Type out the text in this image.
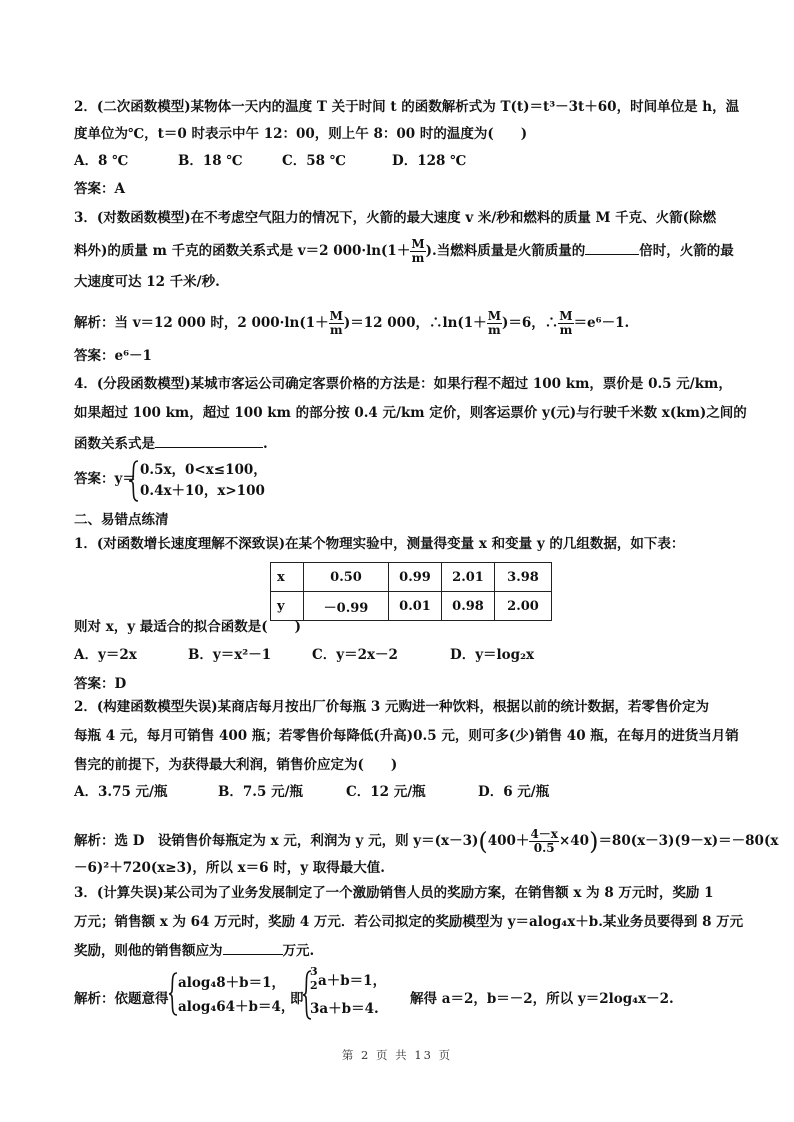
2．(二次函数模型)某物体一天内的温度 T 关于时间 t 的函数解析式为 T(t)＝t³－3t＋60，时间单位是 h，温
度单位为℃，t＝0 时表示中午 12：00，则上午 8：00 时的温度为(　　)
A．8 ℃	B．18 ℃	C．58 ℃	D．128 ℃
答案：A
3．(对数函数模型)在不考虑空气阻力的情况下，火箭的最大速度 v 米/秒和燃料的质量 M 千克、火箭(除燃
料外)的质量 m 千克的函数关系式是 v＝2 $000\cdot\ln(1+ \frac{M}{m}$ ).当燃料质量是火箭质量的	倍时，火箭的最
大速度可达 12 千米/秒.
解析：当 v＝12 000 时，2 $000\cdot\ln(1+ \frac{M}{m} )=12$ 000，∴ln(1＋ $\frac{M}{m} )=6$，∴ $\frac{M}{m} =e^6-1$.
答案：e⁶－1
4．(分段函数模型)某城市客运公司确定客票价格的方法是：如果行程不超过 100 km，票价是 0.5 元/km，
如果超过 100 km，超过 100 km 的部分按 0.4 元/km 定价，则客运票价 y(元)与行驶千米数 x(km)之间的
函数关系式是	.
答案：y＝
0.5x，0<x≤100，
0.4x＋10，x>100
二、易错点练清
1．(对函数增长速度理解不深致误)在某个物理实验中，测量得变量 x 和变量 y 的几组数据，如下表：
x	0.50	0.99	2.01	3.98
y	－0.99	0.01	0.98	2.00
则对 x，y 最适合的拟合函数是(　　)
A．y＝2x	B．y＝x²－1	C．y＝2x－2	D．y＝log₂x
答案：D
2．(构建函数模型失误)某商店每月按出厂价每瓶 3 元购进一种饮料，根据以前的统计数据，若零售价定为
每瓶 4 元，每月可销售 400 瓶；若零售价每降低(升高)0.5 元，则可多(少)销售 40 瓶，在每月的进货当月销
售完的前提下，为获得最大利润，销售价应定为(　　)
A．3.75 元/瓶	B．7.5 元/瓶	C．12 元/瓶	D．6 元/瓶
解析：选 D　设销售价每瓶定为 x 元，利润为 y 元，则 $y=(x-3)(400+ \frac{4-x}{0.5} \times 40)=80(x-3)(9-x)=-80(x$
－6)²＋720(x≥3)，所以 x＝6 时，y 取得最大值.
3．(计算失误)某公司为了业务发展制定了一个激励销售人员的奖励方案，在销售额 x 为 8 万元时，奖励 1
万元；销售额 x 为 64 万元时，奖励 4 万元．若公司拟定的奖励模型为 y＝alog₄x＋b.某业务员要得到 8 万元
奖励，则他的销售额应为	万元.
解析：依题意得
alog₄8＋b＝1，
alog₄64＋b＝4，
即
3
2 a＋b＝1，
3a＋b＝4.
解得 a＝2，b＝－2，所以 y＝2log₄x－2.
第 2 页 共 13 页
